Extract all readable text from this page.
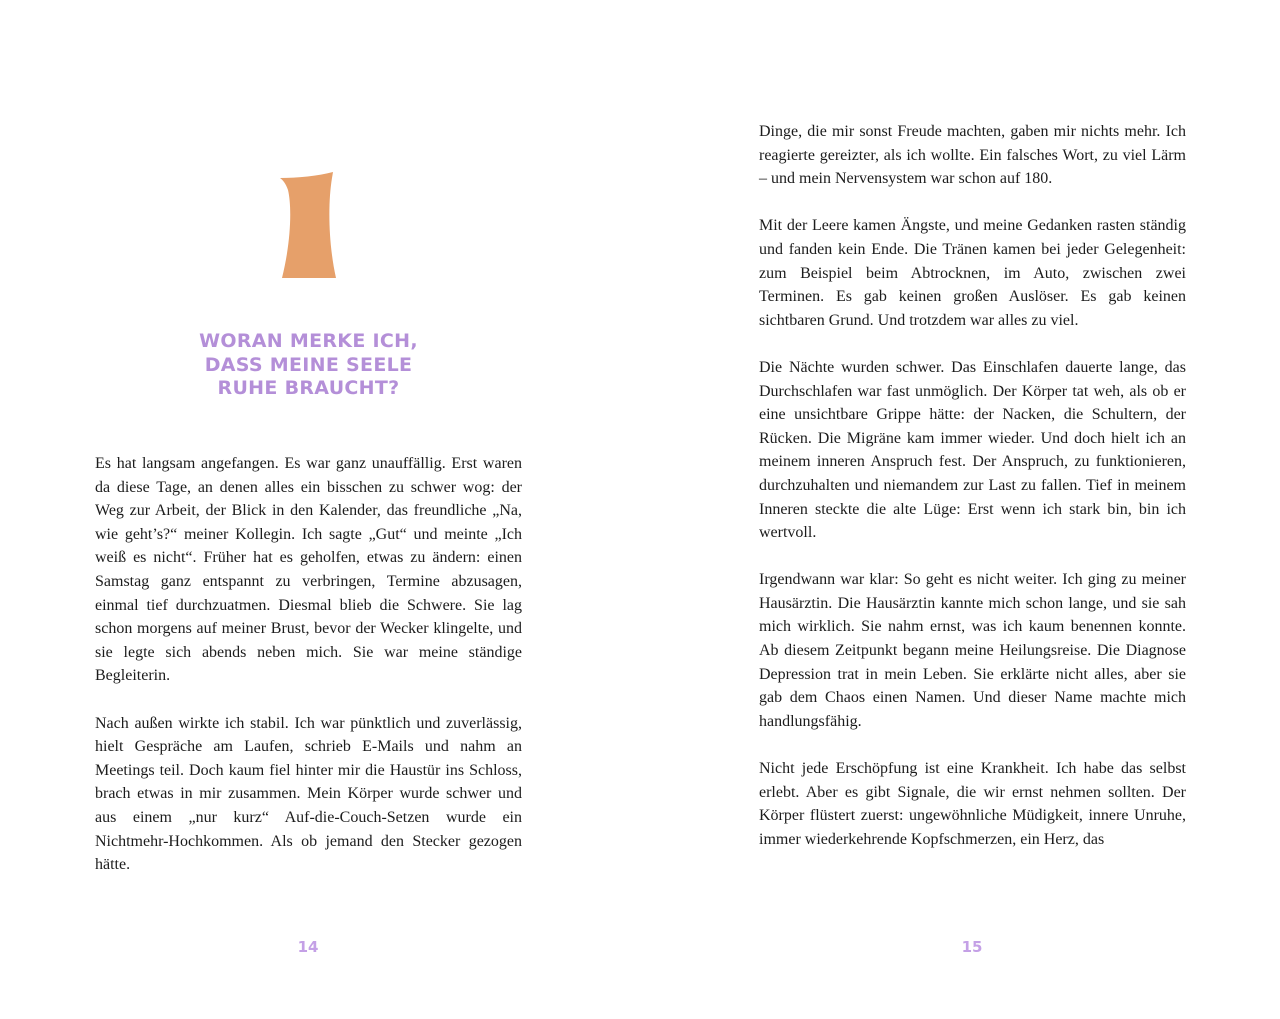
WORAN MERKE ICH,
DASS MEINE SEELE
RUHE BRAUCHT?

Es hat langsam angefangen. Es war ganz unauffällig. Erst waren da diese Tage, an denen alles ein bisschen zu schwer wog: der Weg zur Arbeit, der Blick in den Kalender, das freundliche „Na, wie geht’s?“ meiner Kollegin. Ich sagte „Gut“ und meinte „Ich weiß es nicht“. Früher hat es geholfen, etwas zu ändern: einen Samstag ganz entspannt zu verbringen, Termine abzusagen, einmal tief durchzuatmen. Diesmal blieb die Schwere. Sie lag schon morgens auf meiner Brust, bevor der Wecker klingelte, und sie legte sich abends neben mich. Sie war meine ständige Begleiterin.

Nach außen wirkte ich stabil. Ich war pünktlich und zuverlässig, hielt Gespräche am Laufen, schrieb E-Mails und nahm an Meetings teil. Doch kaum fiel hinter mir die Haustür ins Schloss, brach etwas in mir zusammen. Mein Körper wurde schwer und aus einem „nur kurz“ Auf-die-Couch-Setzen wurde ein Nichtmehr-Hochkommen. Als ob jemand den Stecker gezogen hätte.

14

Dinge, die mir sonst Freude machten, gaben mir nichts mehr. Ich reagierte gereizter, als ich wollte. Ein falsches Wort, zu viel Lärm – und mein Nervensystem war schon auf 180.

Mit der Leere kamen Ängste, und meine Gedanken rasten ständig und fanden kein Ende. Die Tränen kamen bei jeder Gelegenheit: zum Beispiel beim Abtrocknen, im Auto, zwischen zwei Terminen. Es gab keinen großen Auslöser. Es gab keinen sichtbaren Grund. Und trotzdem war alles zu viel.

Die Nächte wurden schwer. Das Einschlafen dauerte lange, das Durchschlafen war fast unmöglich. Der Körper tat weh, als ob er eine unsichtbare Grippe hätte: der Nacken, die Schultern, der Rücken. Die Migräne kam immer wieder. Und doch hielt ich an meinem inneren Anspruch fest. Der Anspruch, zu funktionieren, durchzuhalten und niemandem zur Last zu fallen. Tief in meinem Inneren steckte die alte Lüge: Erst wenn ich stark bin, bin ich wertvoll.

Irgendwann war klar: So geht es nicht weiter. Ich ging zu meiner Hausärztin. Die Hausärztin kannte mich schon lange, und sie sah mich wirklich. Sie nahm ernst, was ich kaum benennen konnte. Ab diesem Zeitpunkt begann meine Heilungsreise. Die Diagnose Depression trat in mein Leben. Sie erklärte nicht alles, aber sie gab dem Chaos einen Namen. Und dieser Name machte mich handlungsfähig.

Nicht jede Erschöpfung ist eine Krankheit. Ich habe das selbst erlebt. Aber es gibt Signale, die wir ernst nehmen sollten. Der Körper flüstert zuerst: ungewöhnliche Müdigkeit, innere Unruhe, immer wiederkehrende Kopfschmerzen, ein Herz, das

15
